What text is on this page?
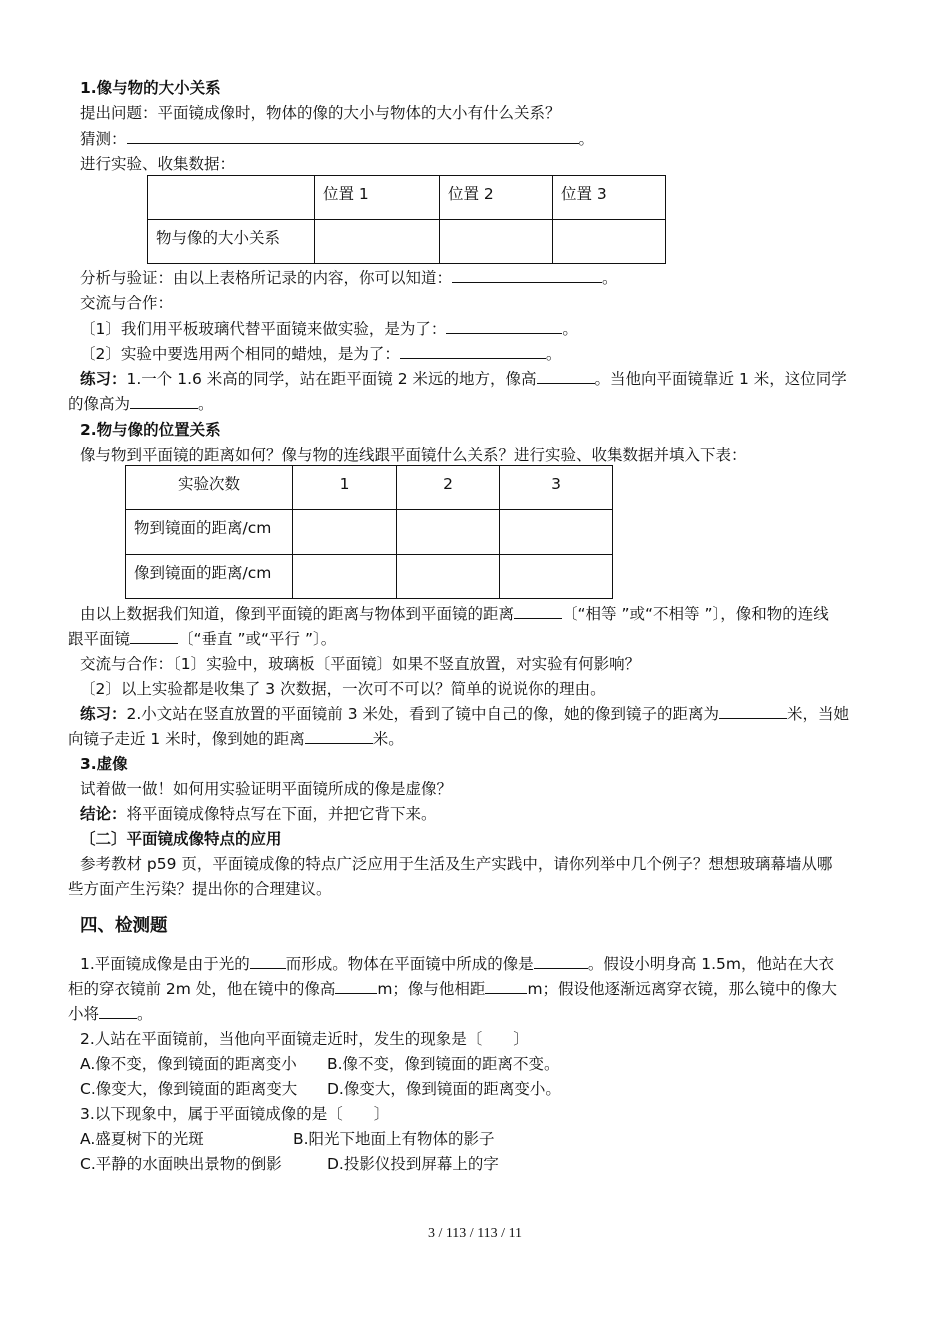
1.像与物的大小关系
提出问题：平面镜成像时，物体的像的大小与物体的大小有什么关系？
猜测：	。
进行实验、收集数据：

	位置 1	位置 2	位置 3

物与像的大小关系			

分析与验证：由以上表格所记录的内容，你可以知道：	。
交流与合作：
〔1〕我们用平板玻璃代替平面镜来做实验，是为了：	。
〔2〕实验中要选用两个相同的蜡烛，是为了：	。
练习：1.一个 1.6 米高的同学，站在距平面镜 2 米远的地方，像高	。当他向平面镜靠近 1 米，这位同学
的像高为	。
2.物与像的位置关系
像与物到平面镜的距离如何？像与物的连线跟平面镜什么关系？进行实验、收集数据并填入下表：
实验次数	1	2	3

物到镜面的距离/cm			

像到镜面的距离/cm			

由以上数据我们知道，像到平面镜的距离与物体到平面镜的距离	〔“相等 ”或“不相等 ”〕，像和物的连线
跟平面镜	〔“垂直 ”或“平行 ”〕。
交流与合作：〔1〕实验中，玻璃板〔平面镜〕如果不竖直放置，对实验有何影响？
〔2〕以上实验都是收集了 3 次数据，一次可不可以？简单的说说你的理由。
练习：2.小文站在竖直放置的平面镜前 3 米处，看到了镜中自己的像，她的像到镜子的距离为	米，当她
向镜子走近 1 米时，像到她的距离	米。
3.虚像
试着做一做！如何用实验证明平面镜所成的像是虚像？
结论：将平面镜成像特点写在下面，并把它背下来。
〔二〕平面镜成像特点的应用
参考教材 p59 页，平面镜成像的特点广泛应用于生活及生产实践中，请你列举中几个例子？想想玻璃幕墙从哪
些方面产生污染？提出你的合理建议。
四、检测题
1.平面镜成像是由于光的 而形成。物体在平面镜中所成的像是	。假设小明身高 1.5m，他站在大衣
柜的穿衣镜前 2m 处，他在镜中的像高	m；像与他相距	m；假设他逐渐远离穿衣镜，那么镜中的像大
小将 。
2.人站在平面镜前，当他向平面镜走近时，发生的现象是〔　　〕
A.像不变，像到镜面的距离变小 B.像不变，像到镜面的距离不变。
C.像变大，像到镜面的距离变大 D.像变大，像到镜面的距离变小。
3.以下现象中，属于平面镜成像的是〔　　〕
A.盛夏树下的光斑	B.阳光下地面上有物体的影子
C.平静的水面映出景物的倒影	D.投影仪投到屏幕上的字
3 / 113 / 113 / 11
